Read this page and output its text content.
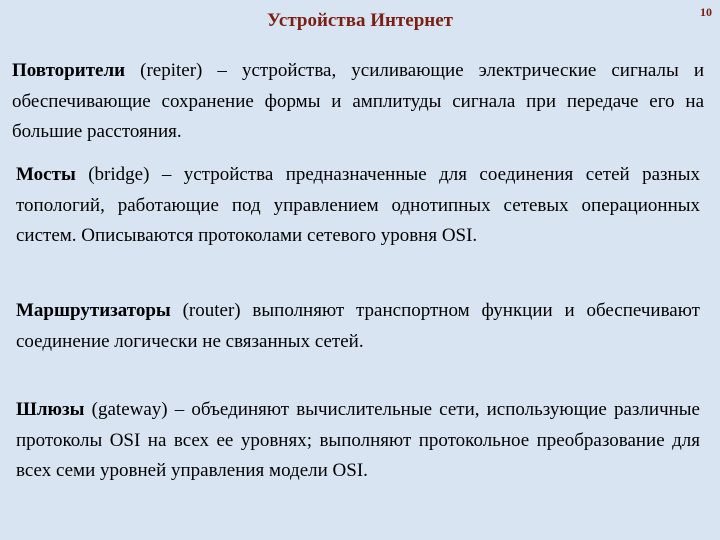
Устройства Интернет	10

Повторители (repiter) – устройства, усиливающие электрические сигналы и обеспечивающие сохранение формы и амплитуды сигнала при передаче его на большие расстояния.

Мосты (bridge) – устройства предназначенные для соединения сетей разных топологий, работающие под управлением однотипных сетевых операционных систем. Описываются протоколами сетевого уровня OSI.

Маршрутизаторы (router) выполняют транспортном функции и обеспечивают соединение логически не связанных сетей.

Шлюзы (gateway) – объединяют вычислительные сети, использующие различные протоколы OSI на всех ее уровнях; выполняют протокольное преобразование для всех семи уровней управления модели OSI.
